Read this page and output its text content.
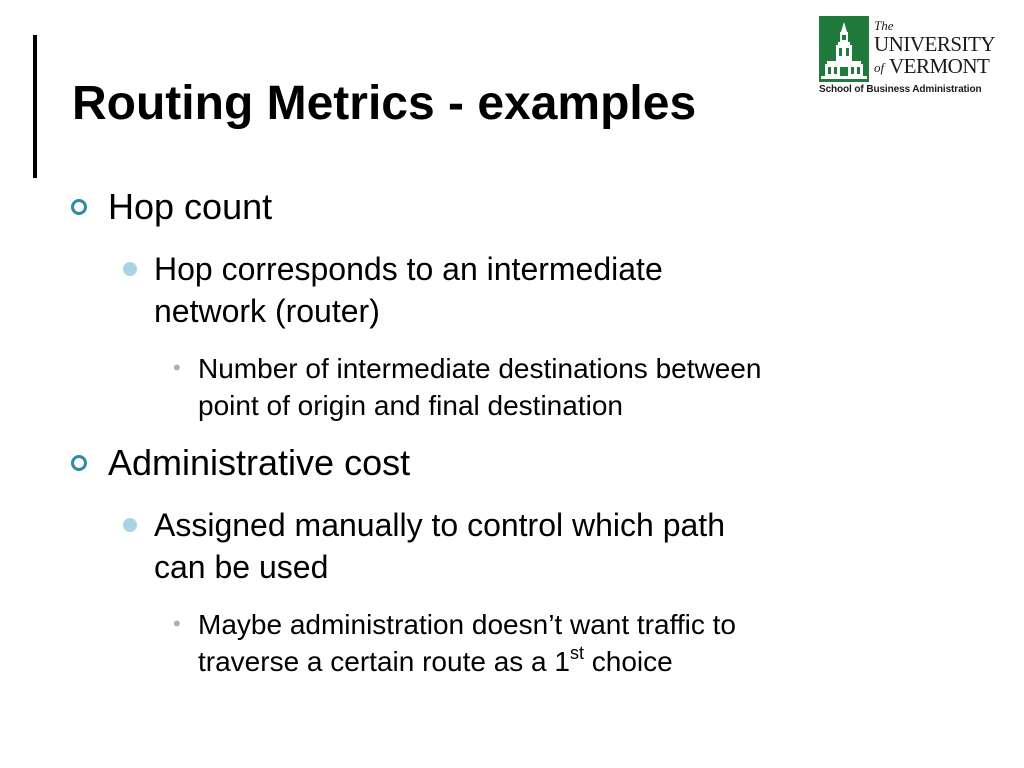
Routing Metrics - examples
The
UNIVERSITY
of VERMONT
School of Business Administration
Hop count
Hop corresponds to an intermediate
network (router)
• Number of intermediate destinations between
point of origin and final destination
Administrative cost
Assigned manually to control which path
can be used
• Maybe administration doesn’t want traffic to
traverse a certain route as a 1st choice
